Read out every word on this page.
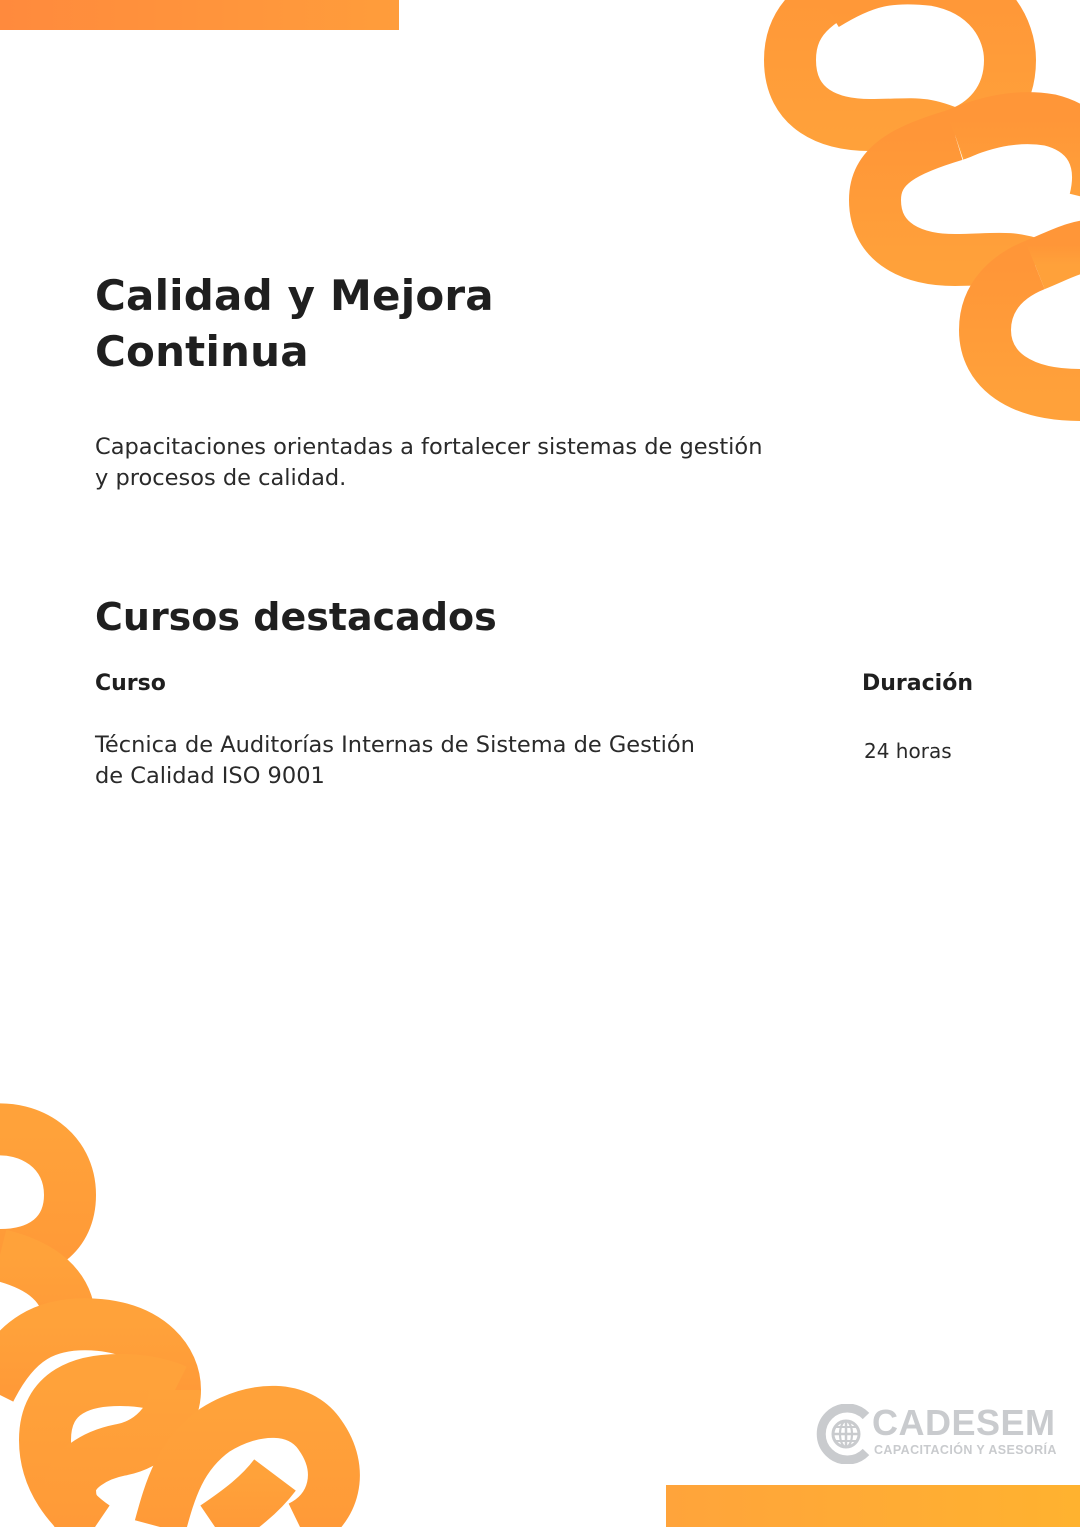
Calidad y Mejora
Continua
Capacitaciones orientadas a fortalecer sistemas de gestión y procesos de calidad.
Cursos destacados
Curso	Duración
Técnica de Auditorías Internas de Sistema de Gestión de Calidad ISO 9001
24 horas
CADESEM
CAPACITACIÓN Y ASESORÍA
